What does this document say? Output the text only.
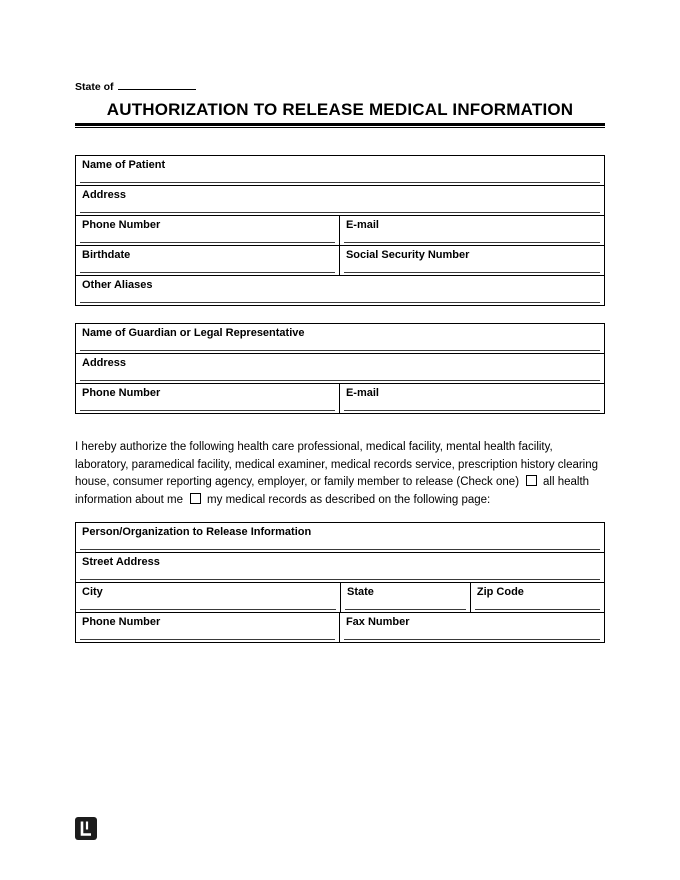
State of
AUTHORIZATION TO RELEASE MEDICAL INFORMATION
Name of Patient
Address
Phone Number	E-mail
Birthdate	Social Security Number
Other Aliases
Name of Guardian or Legal Representative
Address
Phone Number	E-mail

I hereby authorize the following health care professional, medical facility, mental health facility, laboratory, paramedical facility, medical examiner, medical records service, prescription history clearing house, consumer reporting agency, employer, or family member to release (Check one) all health information about me my medical records as described on the following page:

Person/Organization to Release Information
Street Address
City	State	Zip Code
Phone Number	Fax Number
